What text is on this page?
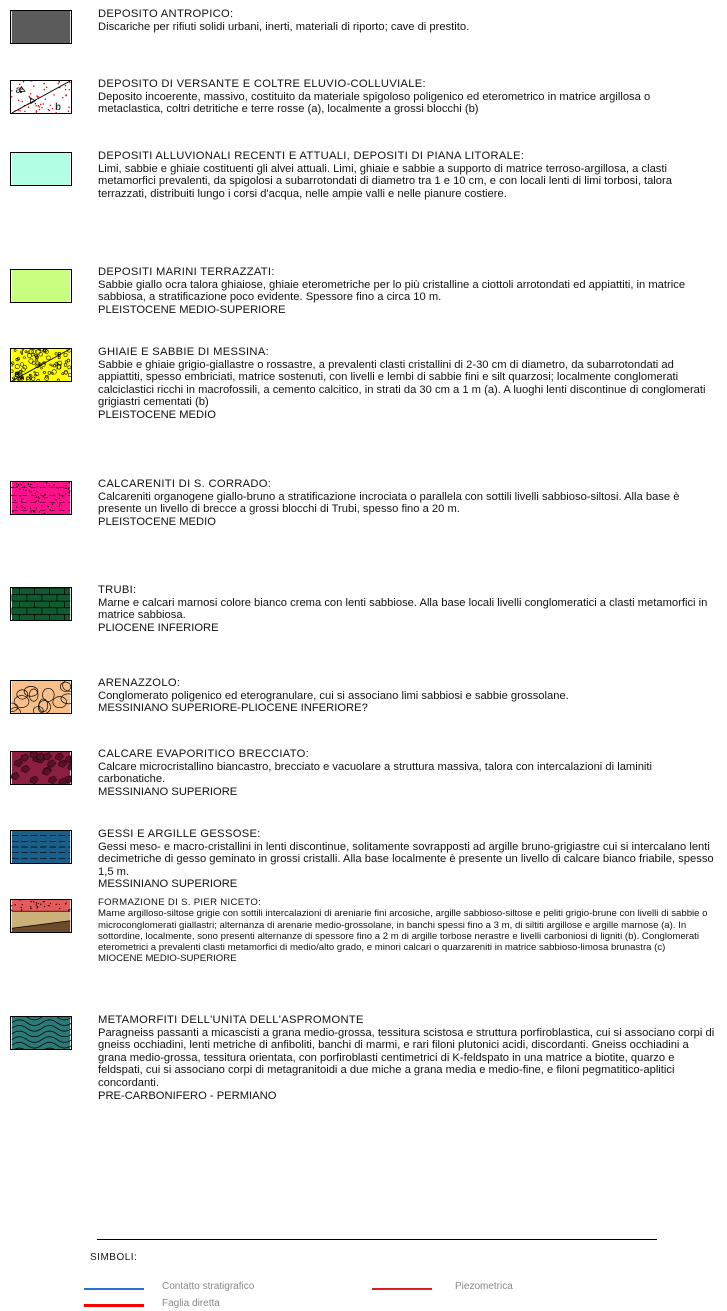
DEPOSITO ANTROPICO:
Discariche per rifiuti solidi urbani, inerti, materiali di riporto; cave di prestito.
a
b
DEPOSITO DI VERSANTE E COLTRE ELUVIO-COLLUVIALE:
Deposito incoerente, massivo, costituito da materiale spigoloso poligenico ed eterometrico in matrice argillosa o metaclastica, coltri detritiche e terre rosse (a), localmente a grossi blocchi (b)
DEPOSITI ALLUVIONALI RECENTI E ATTUALI, DEPOSITI DI PIANA LITORALE:
Limi, sabbie e ghiaie costituenti gli alvei attuali. Limi, ghiaie e sabbie a supporto di matrice terroso-argillosa, a clasti metamorfici prevalenti, da spigolosi a subarrotondati di diametro tra 1 e 10 cm, e con locali lenti di limi torbosi, talora terrazzati, distribuiti lungo i corsi d'acqua, nelle ampie valli e nelle pianure costiere.
DEPOSITI MARINI TERRAZZATI:
Sabbie giallo ocra talora ghiaiose, ghiaie eterometriche per lo più cristalline a ciottoli arrotondati ed appiattiti, in matrice sabbiosa, a stratificazione poco evidente. Spessore fino a circa 10 m.
PLEISTOCENE MEDIO-SUPERIORE
a
b
GHIAIE E SABBIE DI MESSINA:
Sabbie e ghiaie grigio-giallastre o rossastre, a prevalenti clasti cristallini di 2-30 cm di diametro, da subarrotondati ad appiattiti, spesso embriciati, matrice sostenuti, con livelli e lembi di sabbie fini e silt quarzosi; localmente conglomerati calciclastici ricchi in macrofossili, a cemento calcitico, in strati da 30 cm a 1 m (a). A luoghi lenti discontinue di conglomerati grigiastri cementati (b)
PLEISTOCENE MEDIO
CALCARENITI DI S. CORRADO:
Calcareniti organogene giallo-bruno a stratificazione incrociata o parallela con sottili livelli sabbioso-siltosi. Alla base è presente un livello di brecce a grossi blocchi di Trubi, spesso fino a 20 m.
PLEISTOCENE MEDIO
TRUBI:
Marne e calcari marnosi colore bianco crema con lenti sabbiose. Alla base locali livelli conglomeratici a clasti metamorfici in matrice sabbiosa.
PLIOCENE INFERIORE
ARENAZZOLO:
Conglomerato poligenico ed eterogranulare, cui si associano limi sabbiosi e sabbie grossolane.
MESSINIANO SUPERIORE-PLIOCENE INFERIORE?
CALCARE EVAPORITICO BRECCIATO:
Calcare microcristallino biancastro, brecciato e vacuolare a struttura massiva, talora con intercalazioni di laminiti carbonatiche.
MESSINIANO SUPERIORE
GESSI E ARGILLE GESSOSE:
Gessi meso- e macro-cristallini in lenti discontinue, solitamente sovrapposti ad argille bruno-grigiastre cui si intercalano lenti decimetriche di gesso geminato in grossi cristalli. Alla base localmente è presente un livello di calcare bianco friabile, spesso 1,5 m.
MESSINIANO SUPERIORE
FORMAZIONE DI S. PIER NICETO:
Marne argilloso-siltose grigie con sottili intercalazioni di areniarie fini arcosiche, argille sabbioso-siltose e peliti grigio-brune con livelli di sabbie o microconglomerati giallastri; alternanza di arenarie medio-grossolane, in banchi spessi fino a 3 m, di siltiti argillose e argille marnose (a). In sottordine, localmente, sono presenti alternanze di spessore fino a 2 m di argille torbose nerastre e livelli carboniosi di ligniti (b). Conglomerati eterometrici a prevalenti clasti metamorfici di medio/alto grado, e minori calcari o quarzareniti in matrice sabbioso-limosa brunastra (c)
MIOCENE MEDIO-SUPERIORE
METAMORFITI DELL'UNITA DELL'ASPROMONTE
Paragneiss passanti a micascisti a grana medio-grossa, tessitura scistosa e struttura porfiroblastica, cui si associano corpi di gneiss occhiadini, lenti metriche di anfiboliti, banchi di marmi, e rari filoni plutonici acidi, discordanti. Gneiss occhiadini a grana medio-grossa, tessitura orientata, con porfiroblasti centimetrici di K-feldspato in una matrice a biotite, quarzo e feldspati, cui si associano corpi di metagranitoidi a due miche a grana media e medio-fine, e filoni pegmatitico-aplitici concordanti.
PRE-CARBONIFERO - PERMIANO
SIMBOLI:
Contatto stratigrafico	Piezometrica
Faglia diretta
